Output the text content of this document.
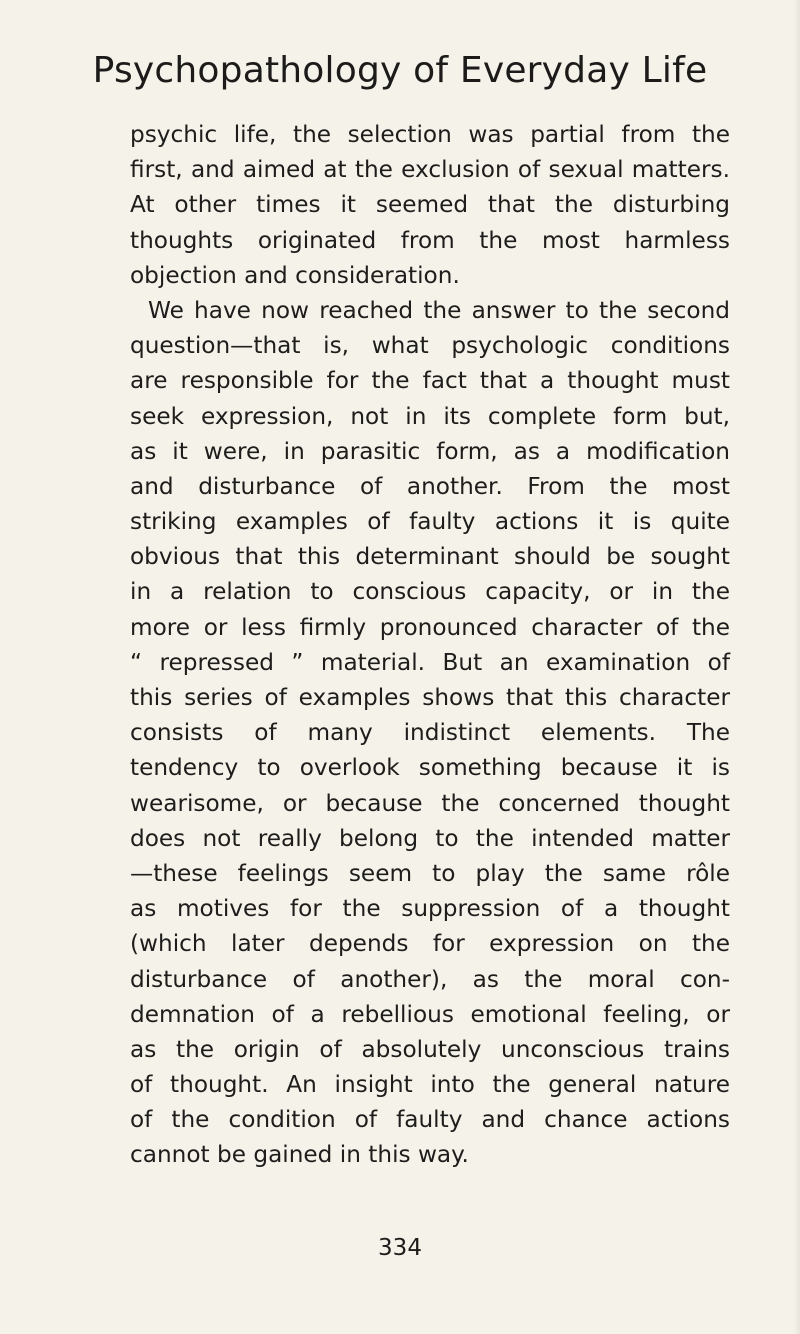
Psychopathology of Everyday Life
psychic life, the selection was partial from the
first, and aimed at the exclusion of sexual matters.
At other times it seemed that the disturbing
thoughts originated from the most harmless
objection and consideration.
We have now reached the answer to the second
question—that is, what psychologic conditions
are responsible for the fact that a thought must
seek expression, not in its complete form but,
as it were, in parasitic form, as a modification
and disturbance of another. From the most
striking examples of faulty actions it is quite
obvious that this determinant should be sought
in a relation to conscious capacity, or in the
more or less firmly pronounced character of the
“ repressed ” material. But an examination of
this series of examples shows that this character
consists of many indistinct elements. The
tendency to overlook something because it is
wearisome, or because the concerned thought
does not really belong to the intended matter
—these feelings seem to play the same rôle
as motives for the suppression of a thought
(which later depends for expression on the
disturbance of another), as the moral con-
demnation of a rebellious emotional feeling, or
as the origin of absolutely unconscious trains
of thought. An insight into the general nature
of the condition of faulty and chance actions
cannot be gained in this way.
334
